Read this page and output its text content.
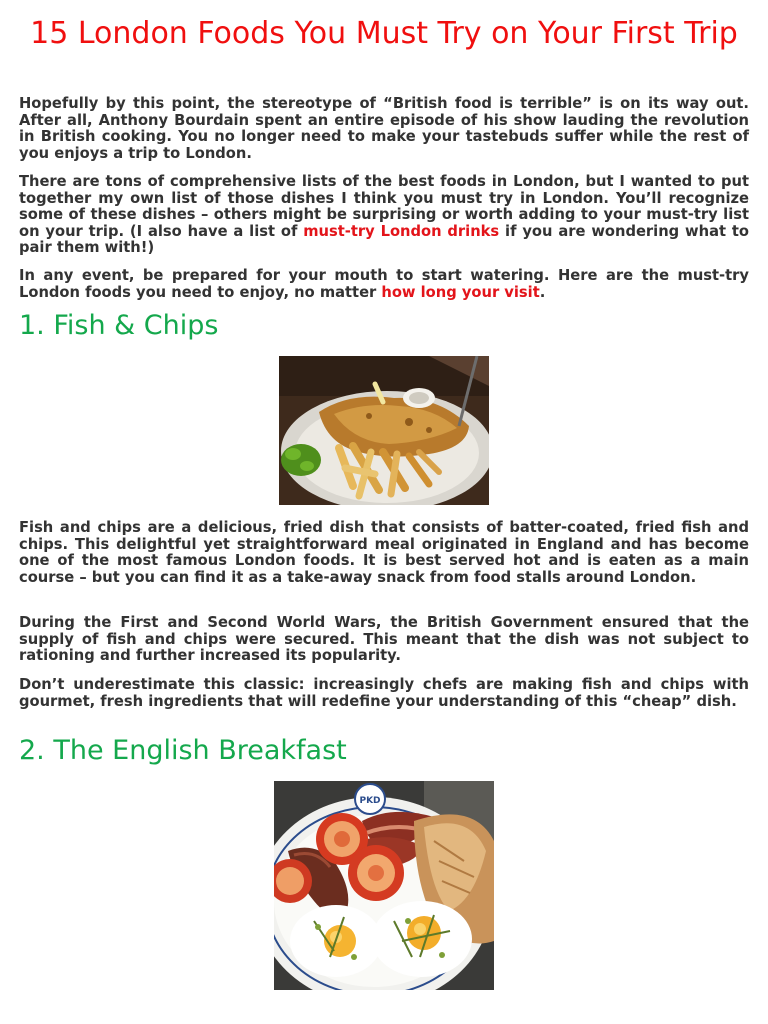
15 London Foods You Must Try on Your First Trip

Hopefully by this point, the stereotype of “British food is terrible” is on its way out. After all, Anthony Bourdain spent an entire episode of his show lauding the revolution in British cooking. You no longer need to make your tastebuds suffer while the rest of you enjoys a trip to London.

There are tons of comprehensive lists of the best foods in London, but I wanted to put together my own list of those dishes I think you must try in London. You’ll recognize some of these dishes – others might be surprising or worth adding to your must-try list on your trip. (I also have a list of must-try London drinks if you are wondering what to pair them with!)

In any event, be prepared for your mouth to start watering. Here are the must-try London foods you need to enjoy, no matter how long your visit.

1. Fish & Chips

Fish and chips are a delicious, fried dish that consists of batter-coated, fried fish and chips. This delightful yet straightforward meal originated in England and has become one of the most famous London foods. It is best served hot and is eaten as a main course – but you can find it as a take-away snack from food stalls around London.

During the First and Second World Wars, the British Government ensured that the supply of fish and chips were secured. This meant that the dish was not subject to rationing and further increased its popularity.

Don’t underestimate this classic: increasingly chefs are making fish and chips with gourmet, fresh ingredients that will redefine your understanding of this “cheap” dish.

2. The English Breakfast
PKD
